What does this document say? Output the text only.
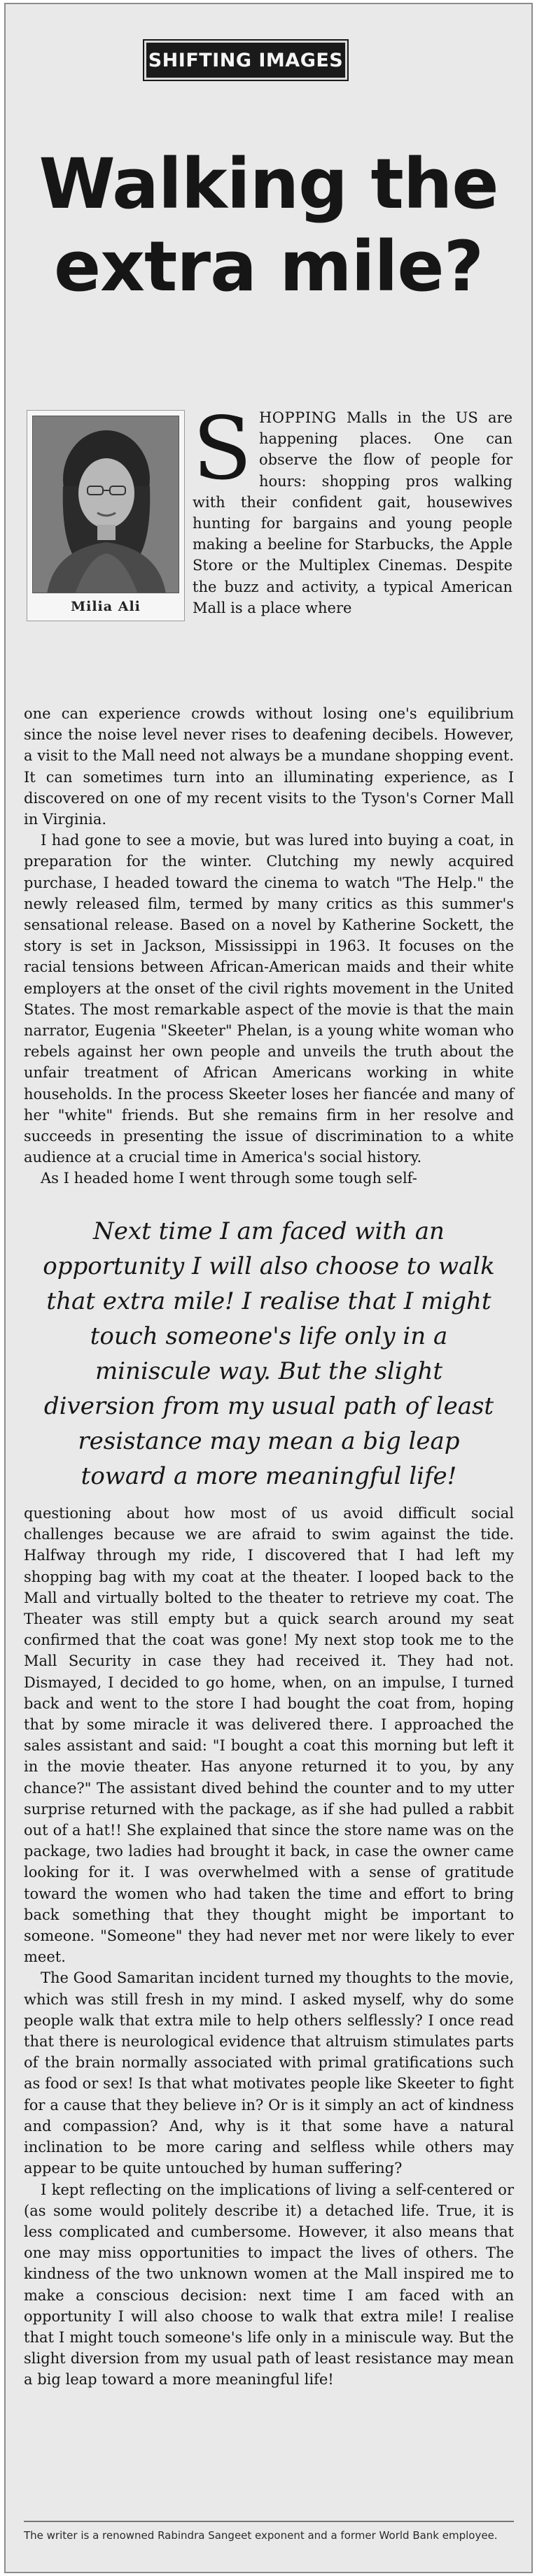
SHIFTING IMAGES
Walking the
extra mile?
Milia Ali

SHOPPING Malls in the US are happening places. One can observe the flow of people for hours: shopping pros walking with their confident gait, housewives hunting for bargains and young people making a beeline for Starbucks, the Apple Store or the Multiplex Cinemas. Despite the buzz and activity, a typical American Mall is a place where

one can experience crowds without losing one's equilibrium since the noise level never rises to deafening decibels. However, a visit to the Mall need not always be a mundane shopping event. It can sometimes turn into an illuminating experience, as I discovered on one of my recent visits to the Tyson's Corner Mall in Virginia.

I had gone to see a movie, but was lured into buying a coat, in preparation for the winter. Clutching my newly acquired purchase, I headed toward the cinema to watch "The Help." the newly released film, termed by many critics as this summer's sensational release. Based on a novel by Katherine Sockett, the story is set in Jackson, Mississippi in 1963. It focuses on the racial tensions between African-American maids and their white employers at the onset of the civil rights movement in the United States. The most remarkable aspect of the movie is that the main narrator, Eugenia "Skeeter" Phelan, is a young white woman who rebels against her own people and unveils the truth about the unfair treatment of African Americans working in white households. In the process Skeeter loses her fiancée and many of her "white" friends. But she remains firm in her resolve and succeeds in presenting the issue of discrimination to a white audience at a crucial time in America's social history.

As I headed home I went through some tough self-

Next time I am faced with an opportunity I will also choose to walk that extra mile! I realise that I might touch someone's life only in a miniscule way. But the slight diversion from my usual path of least resistance may mean a big leap toward a more meaningful life!

questioning about how most of us avoid difficult social challenges because we are afraid to swim against the tide. Halfway through my ride, I discovered that I had left my shopping bag with my coat at the theater. I looped back to the Mall and virtually bolted to the theater to retrieve my coat. The Theater was still empty but a quick search around my seat confirmed that the coat was gone! My next stop took me to the Mall Security in case they had received it. They had not. Dismayed, I decided to go home, when, on an impulse, I turned back and went to the store I had bought the coat from, hoping that by some miracle it was delivered there. I approached the sales assistant and said: "I bought a coat this morning but left it in the movie theater. Has anyone returned it to you, by any chance?" The assistant dived behind the counter and to my utter surprise returned with the package, as if she had pulled a rabbit out of a hat!! She explained that since the store name was on the package, two ladies had brought it back, in case the owner came looking for it. I was overwhelmed with a sense of gratitude toward the women who had taken the time and effort to bring back something that they thought might be important to someone. "Someone" they had never met nor were likely to ever meet.

The Good Samaritan incident turned my thoughts to the movie, which was still fresh in my mind. I asked myself, why do some people walk that extra mile to help others selflessly? I once read that there is neurological evidence that altruism stimulates parts of the brain normally associated with primal gratifications such as food or sex! Is that what motivates people like Skeeter to fight for a cause that they believe in? Or is it simply an act of kindness and compassion? And, why is it that some have a natural inclination to be more caring and selfless while others may appear to be quite untouched by human suffering?

I kept reflecting on the implications of living a self-centered or (as some would politely describe it) a detached life. True, it is less complicated and cumbersome. However, it also means that one may miss opportunities to impact the lives of others. The kindness of the two unknown women at the Mall inspired me to make a conscious decision: next time I am faced with an opportunity I will also choose to walk that extra mile! I realise that I might touch someone's life only in a miniscule way. But the slight diversion from my usual path of least resistance may mean a big leap toward a more meaningful life!

The writer is a renowned Rabindra Sangeet exponent and a former World Bank employee.
